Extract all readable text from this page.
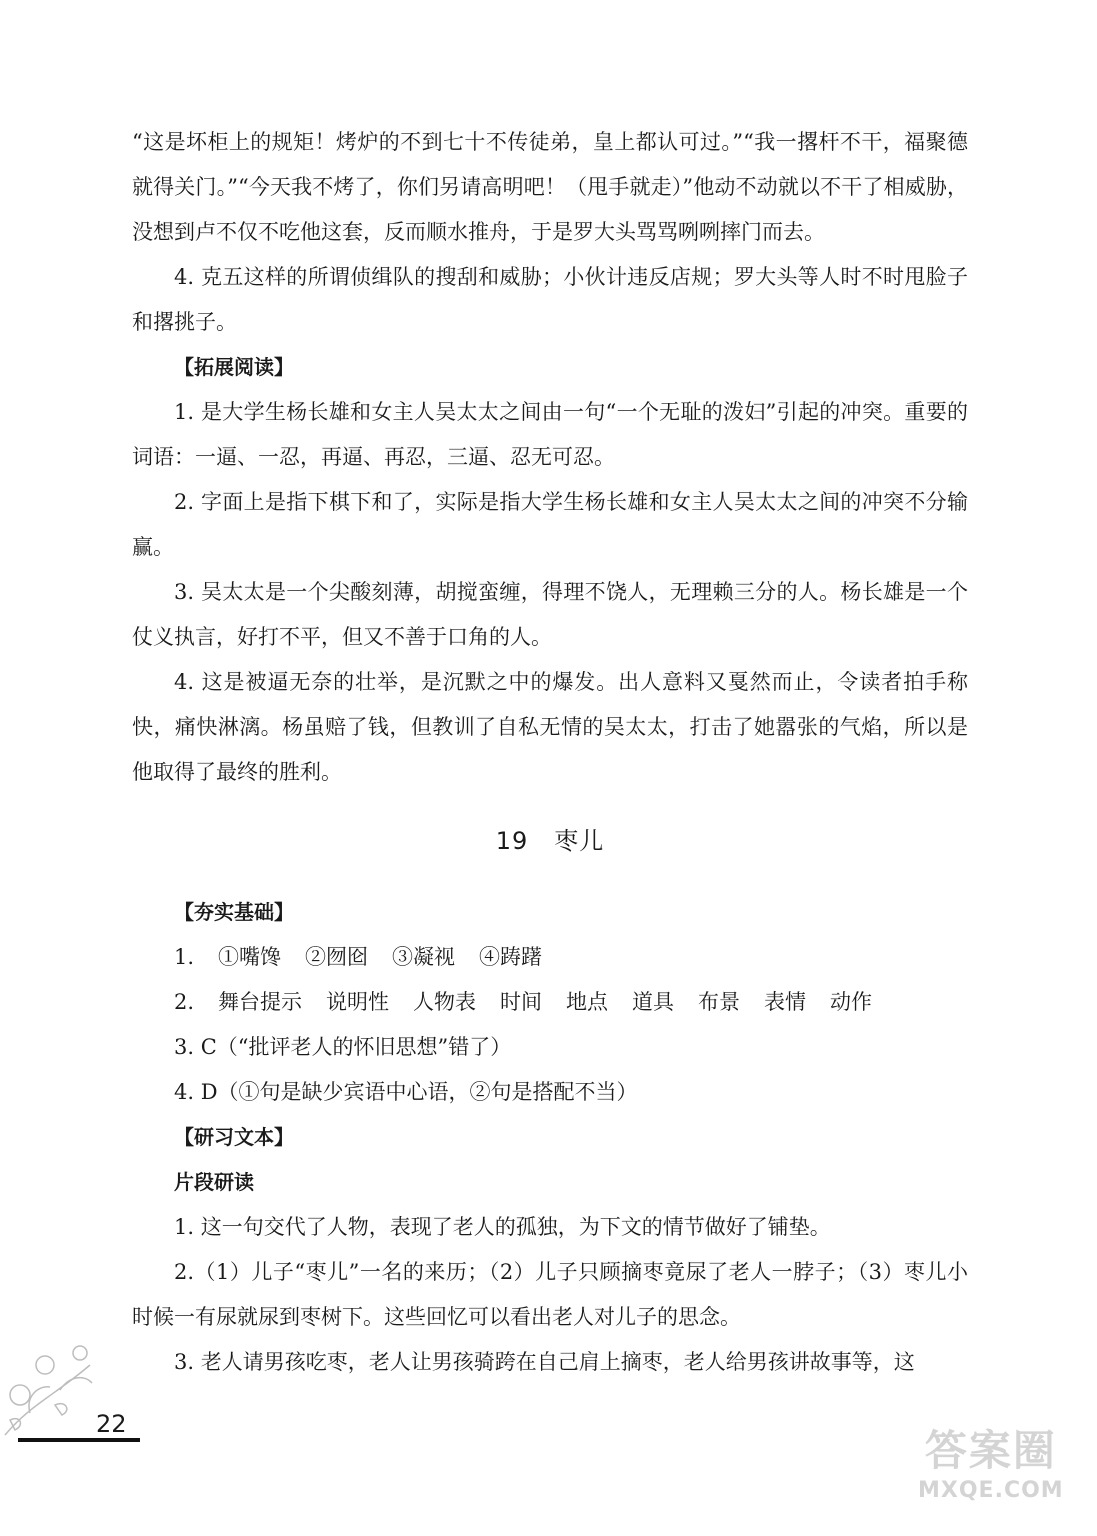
“这是坏柜上的规矩！烤炉的不到七十不传徒弟，皇上都认可过。”“我一撂杆不干，福聚德就得关门。”“今天我不烤了，你们另请高明吧！（甩手就走）”他动不动就以不干了相威胁，没想到卢不仅不吃他这套，反而顺水推舟，于是罗大头骂骂咧咧摔门而去。

4. 克五这样的所谓侦缉队的搜刮和威胁；小伙计违反店规；罗大头等人时不时甩脸子和撂挑子。

【拓展阅读】

1. 是大学生杨长雄和女主人吴太太之间由一句“一个无耻的泼妇”引起的冲突。重要的词语：一逼、一忍，再逼、再忍，三逼、忍无可忍。

2. 字面上是指下棋下和了，实际是指大学生杨长雄和女主人吴太太之间的冲突不分输赢。

3. 吴太太是一个尖酸刻薄，胡搅蛮缠，得理不饶人，无理赖三分的人。杨长雄是一个仗义执言，好打不平，但又不善于口角的人。

4. 这是被逼无奈的壮举，是沉默之中的爆发。出人意料又戛然而止，令读者拍手称快，痛快淋漓。杨虽赔了钱，但教训了自私无情的吴太太，打击了她嚣张的气焰，所以是他取得了最终的胜利。

19 枣儿
【夯实基础】
1. ①嘴馋 ②囫囵 ③凝视 ④踌躇
2. 舞台提示 说明性 人物表 时间 地点 道具 布景 表情 动作

3. C（“批评老人的怀旧思想”错了）

4. D（①句是缺少宾语中心语，②句是搭配不当）

【研习文本】
片段研读

1. 这一句交代了人物，表现了老人的孤独，为下文的情节做好了铺垫。

2.（1）儿子“枣儿”一名的来历；（2）儿子只顾摘枣竟尿了老人一脖子；（3）枣儿小时候一有尿就尿到枣树下。这些回忆可以看出老人对儿子的思念。

3. 老人请男孩吃枣，老人让男孩骑跨在自己肩上摘枣，老人给男孩讲故事等，这

22
答案圈
MXQE.COM
